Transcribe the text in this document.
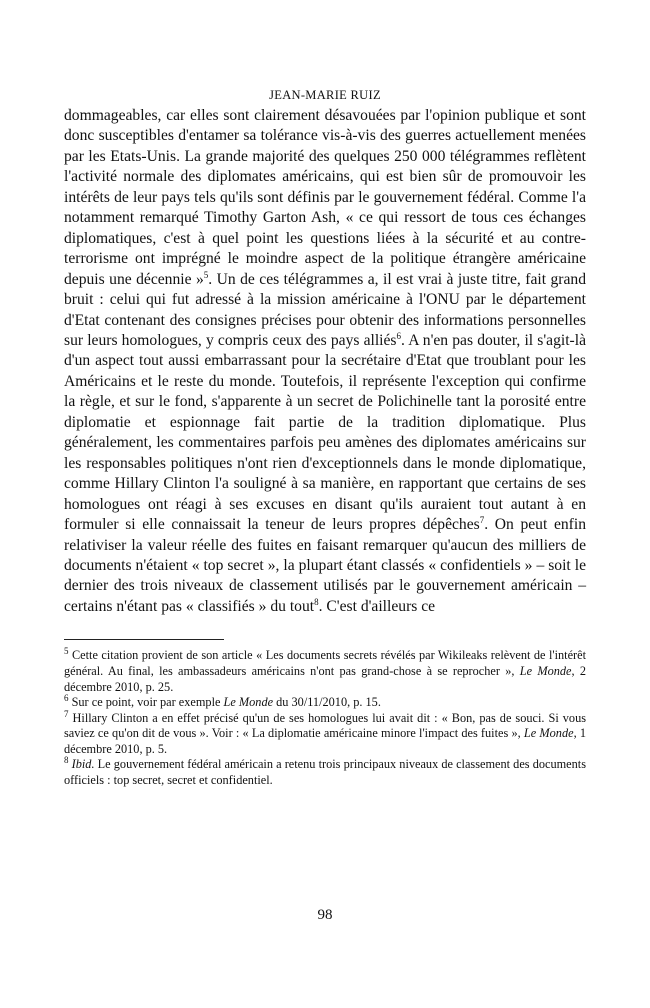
JEAN-MARIE RUIZ

dommageables, car elles sont clairement désavouées par l'opinion publique et sont donc susceptibles d'entamer sa tolérance vis-à-vis des guerres actuellement menées par les Etats-Unis. La grande majorité des quelques 250 000 télégrammes reflètent l'activité normale des diplomates américains, qui est bien sûr de promouvoir les intérêts de leur pays tels qu'ils sont définis par le gouvernement fédéral. Comme l'a notamment remarqué Timothy Garton Ash, « ce qui ressort de tous ces échanges diplomatiques, c'est à quel point les questions liées à la sécurité et au contre-terrorisme ont imprégné le moindre aspect de la politique étrangère américaine depuis une décennie »$^5$. Un de ces télégrammes a, il est vrai à juste titre, fait grand bruit : celui qui fut adressé à la mission américaine à l'ONU par le département d'Etat contenant des consignes précises pour obtenir des informations personnelles sur leurs homologues, y compris ceux des pays alliés$^6$. A n'en pas douter, il s'agit-là d'un aspect tout aussi embarrassant pour la secrétaire d'Etat que troublant pour les Américains et le reste du monde. Toutefois, il représente l'exception qui confirme la règle, et sur le fond, s'apparente à un secret de Polichinelle tant la porosité entre diplomatie et espionnage fait partie de la tradition diplomatique. Plus généralement, les commentaires parfois peu amènes des diplomates américains sur les responsables politiques n'ont rien d'exceptionnels dans le monde diplomatique, comme Hillary Clinton l'a souligné à sa manière, en rapportant que certains de ses homologues ont réagi à ses excuses en disant qu'ils auraient tout autant à en formuler si elle connaissait la teneur de leurs propres dépêches$^7$. On peut enfin relativiser la valeur réelle des fuites en faisant remarquer qu'aucun des milliers de documents n'étaient « top secret », la plupart étant classés « confidentiels » – soit le dernier des trois niveaux de classement utilisés par le gouvernement américain – certains n'étant pas « classifiés » du tout$^8$. C'est d'ailleurs ce

$^5$ Cette citation provient de son article « Les documents secrets révélés par Wikileaks relèvent de l'intérêt général. Au final, les ambassadeurs américains n'ont pas grand-chose à se reprocher », Le Monde, 2 décembre 2010, p. 25.

$^6$ Sur ce point, voir par exemple Le Monde du 30/11/2010, p. 15.

$^7$ Hillary Clinton a en effet précisé qu'un de ses homologues lui avait dit : « Bon, pas de souci. Si vous saviez ce qu'on dit de vous ». Voir : « La diplomatie américaine minore l'impact des fuites », Le Monde, 1 décembre 2010, p. 5.

$^8$ Ibid. Le gouvernement fédéral américain a retenu trois principaux niveaux de classement des documents officiels : top secret, secret et confidentiel.

98
